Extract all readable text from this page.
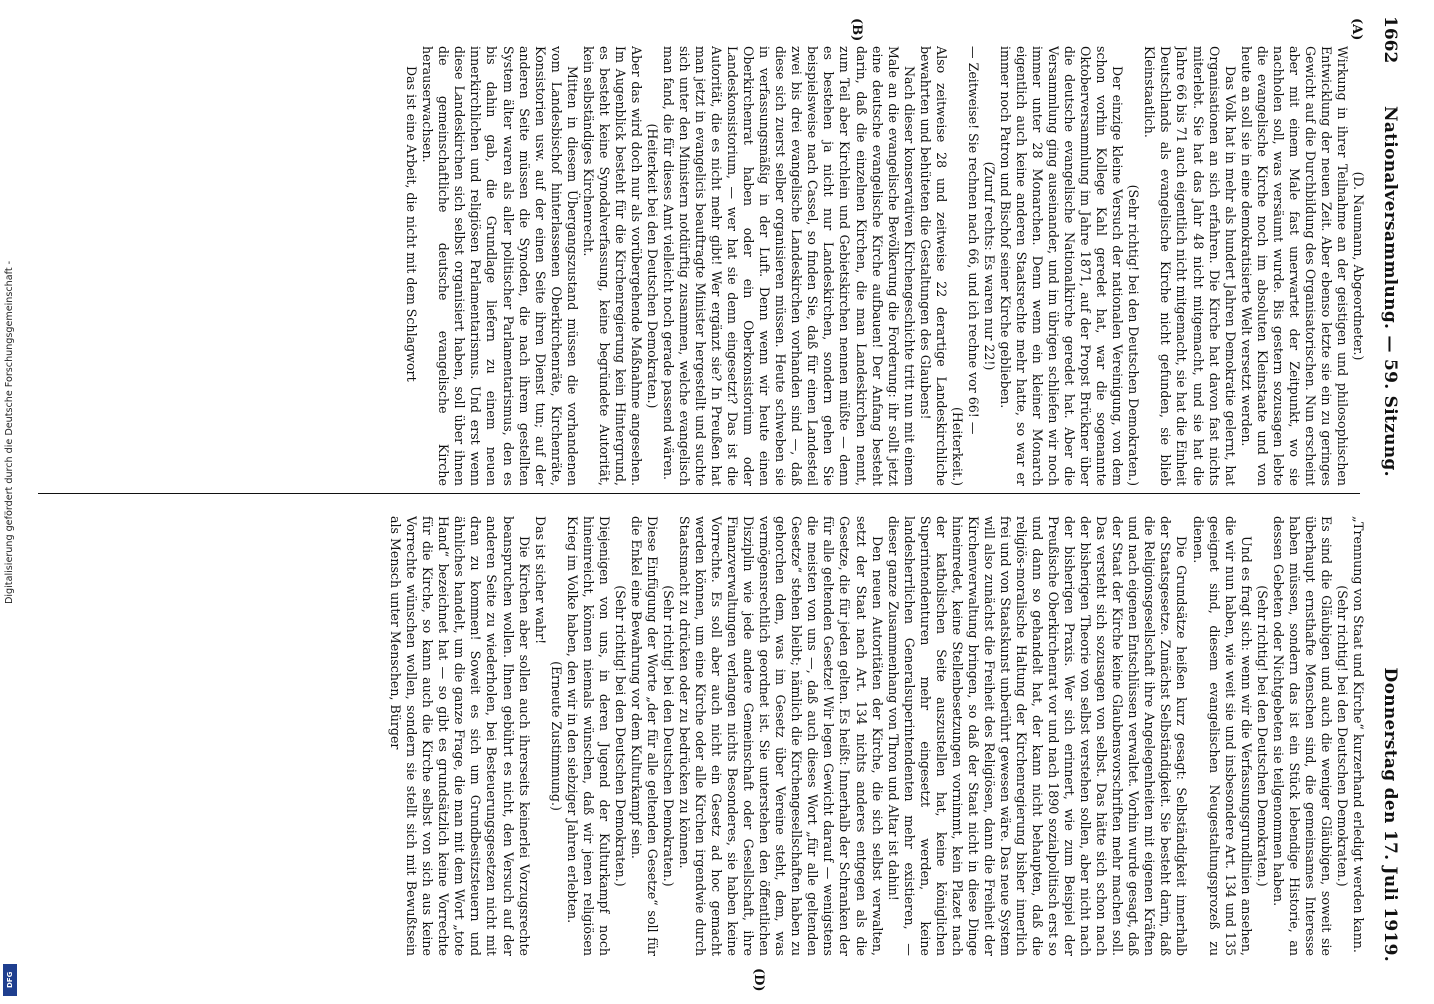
1662
Nationalversammlung. — 59. Sitzung.
Donnerstag den 17. Juli 1919.
(A)
(B)
(D)

(D. Naumann, Abgeordneter.)

Wirkung in ihrer Teilnahme an der geistigen und philosophischen Entwicklung der neuen Zeit. Aber ebenso letzte sie ein zu geringes Gewicht auf die Durchbildung des Organisatorischen. Nun erscheint aber mit einem Male fast unerwartet der Zeitpunkt, wo sie nachholen soll, was versäumt wurde. Bis gestern sozusagen lebte die evangelische Kirche noch im absoluten Kleinstaate und von heute an soll sie in eine demokratisierte Welt versetzt werden.

Das Volk hat in mehr als hundert Jahren Demokratie gelernt, hat Organisationen an sich erfahren. Die Kirche hat davon fast nichts miterlebt. Sie hat das Jahr 48 nicht mitgemacht, und sie hat die Jahre 66 bis 71 auch eigentlich nicht mitgemacht, sie hat die Einheit Deutschlands als evangelische Kirche nicht gefunden, sie blieb Kleinstaatlich.

(Sehr richtig! bei den Deutschen Demokraten.)

Der einzige kleine Versuch der nationalen Vereinigung, von dem schon vorhin Kollege Kahl geredet hat, war die sogenannte Oktoberversammlung im Jahre 1871, auf der Propst Brückner über die deutsche evangelische Nationalkirche geredet hat. Aber die Versammlung ging auseinander, und im übrigen schliefen wir noch immer unter 28 Monarchen. Denn wenn ein kleiner Monarch eigentlich auch keine anderen Staatsrechte mehr hatte, so war er immer noch Patron und Bischof seiner Kirche geblieben.

(Zuruf rechts: Es waren nur 22!)

— Zeitweise! Sie rechnen nach 66, und ich rechne vor 66! —

(Heiterkeit.)

Also zeitweise 28 und zeitweise 22 derartige Landeskirchliche bewahrten und behüteten die Gestaltungen des Glaubens!

Nach dieser konservativen Kirchengeschichte tritt nun mit einem Male an die evangelische Bevölkerung die Forderung: ihr sollt jetzt eine deutsche evangelische Kirche aufbauen! Der Anfang besteht darin, daß die einzelnen Kirchen, die man Landeskirchen nennt, zum Teil aber Kirchlein und Gebietskirchen nennen müßte — denn es bestehen ja nicht nur Landeskirchen, sondern gehen Sie beispielsweise nach Cassel, so finden Sie, daß für einen Landesteil zwei bis drei evangelische Landeskirchen vorhanden sind —, daß diese sich zuerst selber organisieren müssen. Heute schweben sie in verfassungsmäßig in der Luft. Denn wenn wir heute einen Oberkirchenrat haben oder ein Oberkonsistorium oder Landeskonsistorium, — wer hat sie denn eingesetzt? Das ist die Autorität, die es nicht mehr gibt! Wer ergänzt sie? In Preußen hat man jetzt in evangelicis beauftragte Minister hergestellt und suchte sich unter den Ministern notdürftig zusammen, welche evangelisch man fand, die für dieses Amt vielleicht noch gerade passend wären.

(Heiterkeit bei den Deutschen Demokraten.)

Aber das wird doch nur als vorübergehende Maßnahme angesehen. Im Augenblick besteht für die Kirchenregierung kein Hintergrund, es besteht keine Synodalverfassung, keine begründete Autorität, kein selbständiges Kirchenrecht.

Mitten in diesem Übergangszustand müssen die vorhandenen vom Landesbischof hinterlassenen Oberkirchenräte, Kirchenräte, Konsistorien usw. auf der einen Seite ihren Dienst tun; auf der anderen Seite müssen die Synoden, die nach ihrem gestellten System älter waren als aller politischer Parlamentarismus, den es bis dahin gab, die Grundlage liefern zu einem neuen innerkirchlichen und religiösen Parlamentarismus. Und erst wenn diese Landeskirchen sich selbst organisiert haben, soll über ihnen die gemeinschaftliche deutsche evangelische Kirche herauserwachsen.

Das ist eine Arbeit, die nicht mit dem Schlagwort

„Trennung von Staat und Kirche“ kurzerhand erledigt werden kann.

(Sehr richtig! bei den Deutschen Demokraten.)

Es sind die Gläubigen und auch die weniger Gläubigen, soweit sie überhaupt ernsthafte Menschen sind, die gemeinsames Interesse haben müssen, sondern das ist ein Stück lebendige Historie, an dessen Gebeten oder Nichtgebeten sie teilgenommen haben.

(Sehr richtig! bei den Deutschen Demokraten.)

Und es fragt sich: wenn wir die Verfassungsgrundlinien ansehen, die wir nun haben, wie weit sie und insbesondere Art. 134 und 135 geeignet sind, diesem evangelischen Neugestaltungsprozeß zu dienen.

Die Grundsätze heißen kurz gesagt: Selbständigkeit innerhalb der Staatsgesetze. Zunächst Selbständigkeit. Sie besteht darin, daß die Religionsgesellschaft ihre Angelegenheiten mit eigenen Kräften und nach eigenen Entschlüssen verwaltet. Vorhin wurde gesagt, daß der Staat der Kirche keine Glaubensvorschriften mehr machen soll. Das versteht sich sozusagen von selbst. Das hätte sich schon nach der bisherigen Theorie von selbst verstehen sollen, aber nicht nach der bisherigen Praxis. Wer sich erinnert, wie zum Beispiel der Preußische Oberkirchenrat vor und nach 1890 sozialpolitisch erst so und dann so gehandelt hat, der kann nicht behaupten, daß die religiös-moralische Haltung der Kirchenregierung bisher innerlich frei und von Staatskunst unberührt gewesen wäre. Das neue System will also zunächst die Freiheit des Religiösen, dann die Freiheit der Kirchenverwaltung bringen, so daß der Staat nicht in diese Dinge hineinredet, keine Stellenbesetzungen vornimmt, kein Plazet nach der katholischen Seite auszustellen hat, keine königlichen Superintendenturen mehr eingesetzt werden, keine landesherrlichen Generalsuperintendenten mehr existieren, — dieser ganze Zusammenhang von Thron und Altar ist dahin!

Den neuen Autoritäten der Kirche, die sich selbst verwalten, setzt der Staat nach Art. 134 nichts anderes entgegen als die Gesetze, die für jeden gelten. Es heißt: Innerhalb der Schranken der für alle geltenden Gesetze! Wir legen Gewicht darauf — wenigstens die meisten von uns —, daß auch dieses Wort „für alle geltenden Gesetze“ stehen bleibt; nämlich die Kirchengesellschaften haben zu gehorchen dem, was im Gesetz über Vereine steht, dem, was vermögensrechtlich geordnet ist. Sie unterstehen den öffentlichen Disziplin wie jede andere Gemeinschaft oder Gesellschaft, ihre Finanzverwaltungen verlangen nichts Besonderes, sie haben keine Vorrechte. Es soll aber auch nicht ein Gesetz ad hoc gemacht werden können, um eine Kirche oder alle Kirchen irgendwie durch Staatsmacht zu drücken oder zu bedrücken zu können.

(Sehr richtig! bei den Deutschen Demokraten.)

Diese Einfügung der Worte „der für alle geltenden Gesetze“ soll für die Enkel eine Bewahrung vor dem Kulturkampf sein.

(Sehr richtig! bei den Deutschen Demokraten.)

Diejenigen von uns, in deren Jugend der Kulturkampf noch hineinreicht, können niemals wünschen, daß wir jenen religiösen Krieg im Volke haben, den wir in den siebziger Jahren erlebten.

(Erneute Zustimmung.)

Das ist sicher wahr!

Die Kirchen aber sollen auch ihrerseits keinerlei Vorzugsrechte beanspruchen wollen. Ihnen gebührt es nicht, den Versuch auf der anderen Seite zu wiederholen, bei Besteuerungsgesetzen nicht mit dran zu kommen! Soweit es sich um Grundbesitzsteuern und ähnliches handelt, um die ganze Frage, die man mit dem Wort „tote Hand“ bezeichnet hat — so gibt es grundsätzlich keine Vorrechte für die Kirche, so kann auch die Kirche selbst von sich aus keine Vorrechte wünschen wollen, sondern sie stellt sich mit Bewußtsein als Mensch unter Menschen, Bürger

Digitalisierung gefördert durch die Deutsche Forschungsgemeinschaft -
DFG
